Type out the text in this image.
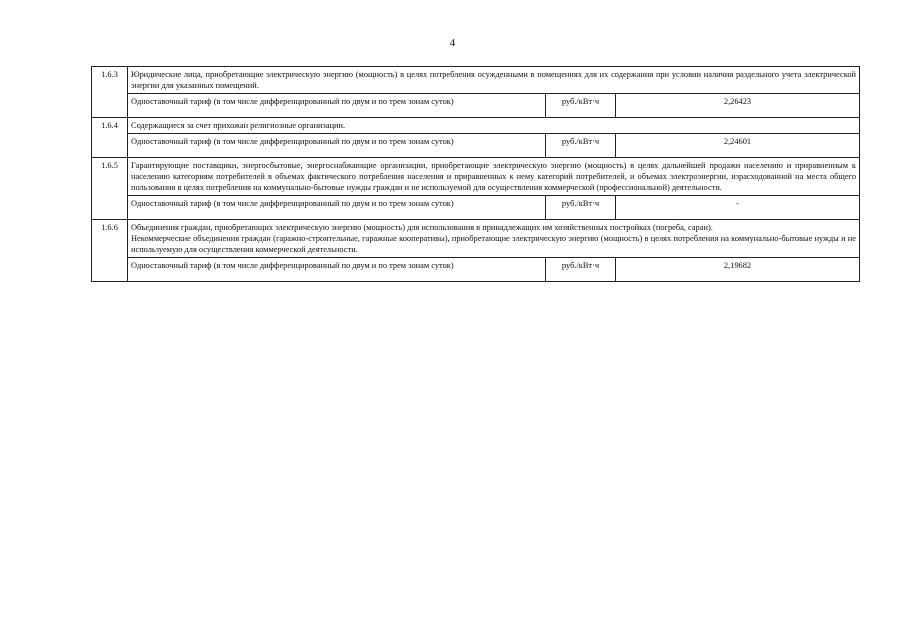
4
1.6.3	Юридические лица, приобретающие электрическую энергию (мощность) в целях потребления осужденными в помещениях для их содержания при условии наличия раздельного учета электрической энергии для указанных помещений.		

	Одноставочный тариф (в том числе дифференцированный по двум и по трем зонам суток)	руб./кВт·ч	2,26423
1.6.4	Содержащиеся за счет прихожан религиозные организации.		

	Одноставочный тариф (в том числе дифференцированный по двум и по трем зонам суток)	руб./кВт·ч	2,24601
1.6.5	Гарантирующие поставщики, энергосбытовые, энергоснабжающие организации, приобретающие электрическую энергию (мощность) в целях дальнейшей продажи населению и приравненным к населению категориям потребителей в объемах фактического потребления населения и приравненных к нему категорий потребителей, и объемах электроэнергии, израсходованной на места общего пользования в целях потребления на коммунально-бытовые нужды граждан и не используемой для осуществления коммерческой (профессиональной) деятельности.		

	Одноставочный тариф (в том числе дифференцированный по двум и по трем зонам суток)	руб./кВт·ч	-
1.6.6	Объединения граждан, приобретающих электрическую энергию (мощность) для использования в принадлежащих им хозяйственных постройках (погреба, сараи).
Некоммерческие объединения граждан (гаражно-строительные, гаражные кооперативы), приобретающие электрическую энергию (мощность) в целях потребления на коммунально-бытовые нужды и не используемую для осуществления коммерческой деятельности.		

	Одноставочный тариф (в том числе дифференцированный по двум и по трем зонам суток)	руб./кВт·ч	2,19682
